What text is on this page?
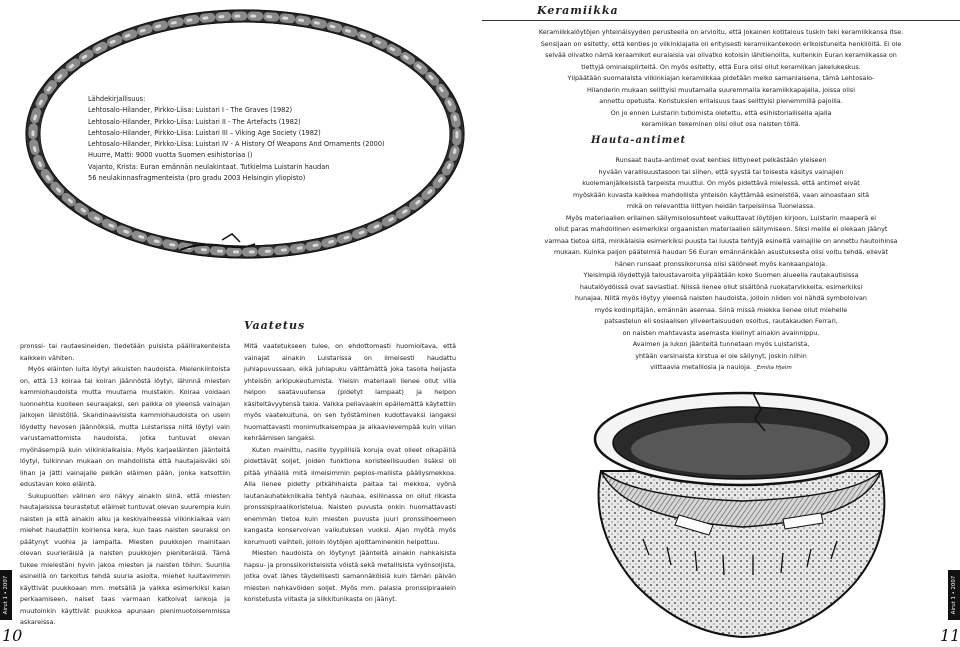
Lähdekirjallisuus:
Lehtosalo-Hilander, Pirkko-Liisa: Luistari I - The Graves (1982)
Lehtosalo-Hilander, Pirkko-Liisa: Luistari II - The Artefacts (1982)
Lehtosalo-Hilander, Pirkko-Liisa: Luistari III – Viking Age Society (1982)
Lehtosalo-Hilander, Pirkko-Liisa: Luistari IV - A History Of Weapons And Ornaments (2000)
Huurre, Matti: 9000 vuotta Suomen esihistoriaa ()
Vajanto, Krista: Euran emännän neulakintaat. Tutkielma Luistarin haudan
56 neulakinnasfragmenteista (pro gradu 2003 Helsingin yliopisto)
Vaatetus

pronssi- tai rautaesineiden, tiedetään puisista päällirakenteista kaikkein vähiten.

Myös eläinten luita löytyi aikuisten haudoista. Mielenkiintoista on, että 13 koiraa tai koiran jäännöstä löytyi, lähinnä miesten kammiohaudoista mutta muutama muistakin. Koiraa voidaan luonnehtia kuolleen seuraajaksi, sen paikka oli yleensä vainajan jalkojen lähistöllä. Skandinaavisista kammiohaudoista on usein löydetty hevosen jäännöksiä, mutta Luistarissa niitä löytyi vain varustamattomista haudoista, jotka tuntuvat olevan myöhäsempiä kuin viikinkiaikaisia. Myös karjaeläinten jäänteitä löytyi, tulkinnan mukaan on mahdollista että hautajaisväki söi lihan ja jätti vainajalle pelkän eläimen pään, jonka katsottiin edustavan koko eläintä.

Sukupuolten välinen ero näkyy ainakin siinä, että miesten hautajaisissa teurastetut eläimet tuntuvat olevan suurempia kuin naisten ja että ainakin alku ja keskivaiheessa viikinkiaikaa vain miehet haudattiin koiriensa kera, kun taas naisten seuraksi on päätynyt vuohia ja lampaita. Miesten puukkojen mainitaan olevan suurieräisiä ja naisten puukkojen pieniteräisiä. Tämä tukee mielestäni hyvin jakoa miesten ja naisten töihin. Suurilla esineillä on tarkoitus tehdä suuria asioita, miehet luultavimmin käyttivät puukkoaan mm. metsällä ja vaikka esimerkiksi kalan perkaamiseen, naiset taas varmaan katkoivat lankoja ja muutoinkin käyttivät puukkoa apunaan pienimuotoisemmissa askareissa.

Mitä vaatetukseen tulee, on ehdottomasti huomioitava, että vainajat ainakin Luistarissa on ilmeisesti haudattu juhlapuvussaan, eikä juhlapuku välttämättä joka tasolla heijasta yhteisön arkipukeutumista. Yleisin materiaali lienee ollut villa helpon saatavuutensa (pidetyt lampaat) ja helpon käsiteltävyytensä takia. Vaikka pellavaakin epäilemättä käytettiin myös vaatekuituna, on sen työstäminen kudottavaksi langaksi huomattavasti monimutkaisempaa ja aikaavievempää kuin villan kehräämisen langaksi.

Kuten mainittu, nasille tyypillisiä koruja ovat olleet olkapäillä pidettävät soljet, joiden funktiona koristeellisuuden lisäksi oli pitää ylhäällä mitä ilmeisimmin peplos-mallista päällysmekkoa. Alla lienee pidetty pitkähihaista paitaa tai mekkoa, vyönä lautanauhatekniikalla tehtyä nauhaa, esiliinassa on ollut rikasta pronssispiraalikoristelua. Naisten puvusta onkin huomattavasti enemmän tietoa kuin miesten puvusta juuri pronssihoemeen kangasta konservoivan vaikutuksen vuoksi. Ajan myötä myös korumuoti vaihteli, jolloin löytöjen ajoittaminenkin helpottuu.

Miesten haudoista on löytynyt jäänteitä ainakin nahkaisista hapsu- ja pronssikoristeisista vöistä sekä metallisista vyönsoljista, jotka ovat lähes täydellisesti samannäköisiä kuin tämän päivän miesten nahkavöiden soljet. Myös mm. palasia pronssipiraalein koristetusta viitasta ja silkkitunikasta on jäänyt.

Airut 1 • 2007
10
Keramiikka
Keramiikkalöytöjen yhteinäisyyden perusteella on arvioitu, että jokainen kotitalous tuskin teki keramiikkansa itse.
Sensijaan on esitetty, että kenties jo viikinkiajalla oli erityisesti keramiikantekoon erikoistuneita henkilöitä. Ei ole
selvää olivatko nämä keraamikot euralaisia vai olivatko kotoisin lähitienoilta, kuitenkin Euran keramiikassa on
tiettyjä ominaispiirteitä. On myös esitetty, että Eura olisi ollut keramiikan jakelukeskus.
Ylipäätään suomalaista viikinkiajan keramiikkaa pidetään melko samanlaisena, tämä Lehtosalo-
Hilanderin mukaan selittyisi muutamalla suuremmalla keramiikkapajalla, joissa olisi
annettu opetusta. Koristuksien erilaisuus taas selittyisi pienemmillä pajoilla.
On jo ennen Luistarin tutkimista oletettu, että esihistoriallisella ajalla
keramiikan tekeminen olisi ollut osa naisten töitä.
Hauta-antimet
Runsaat hauta-antimet ovat kenties liittyneet pelkästään yleiseen
hyvään varallisuustasoon tai siihen, että syystä tai toisesta käsitys vainajien
kuolemanjälkeisistä tarpeista muuttui. On myös pidettävä mielessä, että antimet eivät
myöskään kuvasta kaikkea mahdollista yhteisön käyttämää esineistöä, vaan ainoastaan sitä
mikä on relevanttia liittyen heidän tarpeisiinsa Tuonelassa.
Myös materiaalien erilainen säilymisolosuhteet vaikuttavat löytöjen kirjoon, Luistarin maaperä ei
ollut paras mahdollinen esimerkiksi orgaanisten materiaalien säilymiseen. Siksi meille ei olekaan jäänyt
varmaa tietoa siitä, minkälaisia esimerkiksi puusta tai luusta tehtyjä esineitä vainajille on annettu hautoihinsa
mukaan. Kuinka paljon päätelmiä haudan 56 Euran emännänkään asustuksesta olisi voitu tehdä, ellevät
hänen runsaat pronssikorunsa olisi säilöneet myös kankaanpaloja.
Yleisimpiä löydettyjä taloustavaroita ylipäätään koko Suomen alueella rautakautisissa
hautalöydöissä ovat saviastiat. Niissä lienee ollut sisältönä ruokatarvikkeita, esimerkiksi
hunajaa. Niitä myös löytyy yleensä naisten haudoista, jolloin niiden voi nähdä symboloivan
myös kodinpitäjän, emännän asemaa. Siinä missä miekka lienee ollut miehelle
patsastelun eli sosiaalisen yliveertaisuuden osoitus, rautakauden Ferrari,
on naisten mahtavasta asemasta kielinyt ainakin avainnippu.
Avaimen ja lukon jäänteitä tunnetaan myös Luistarista,
yhtään varsinaista kirstua ei ole säilynyt, joskin niihin
viittaavia metalliosia ja nauloja. _Emilia Hjelm
Airut 1 • 2007
11
